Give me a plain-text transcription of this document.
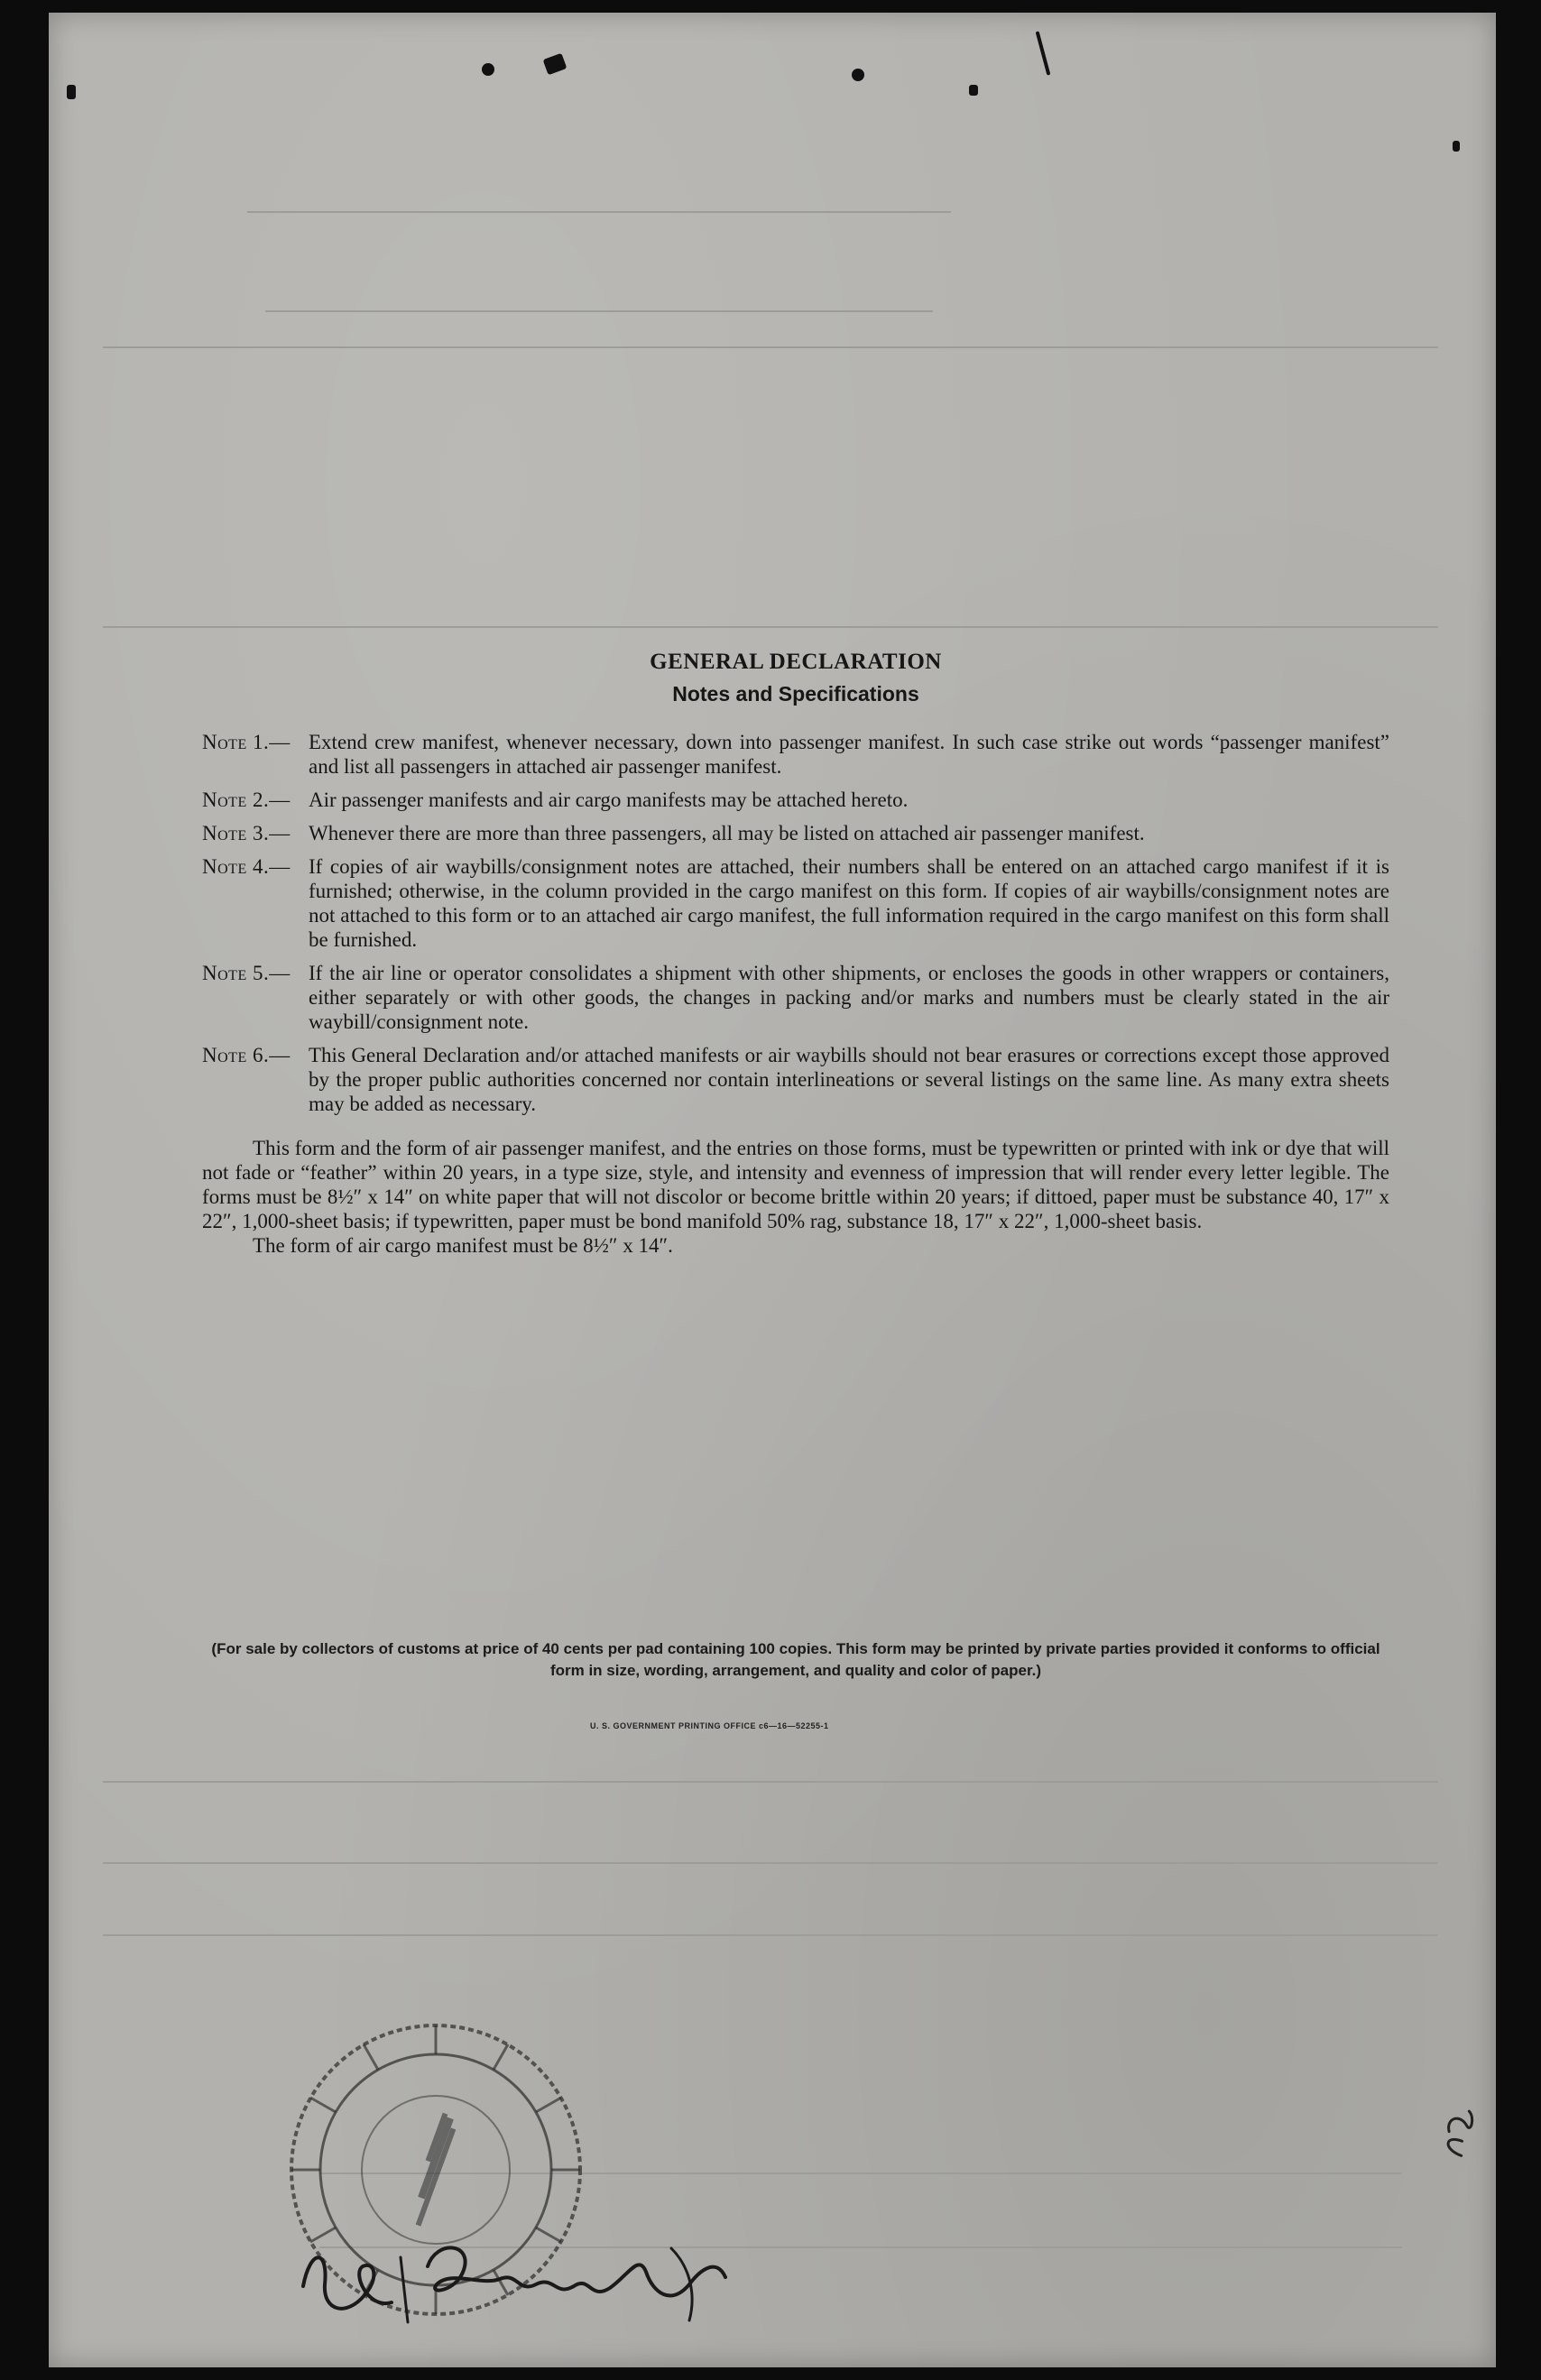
GENERAL DECLARATION
Notes and Specifications
Note 1.— Extend crew manifest, whenever necessary, down into passenger manifest. In such case strike out words “passenger manifest” and list all passengers in attached air passenger manifest.
Note 2.— Air passenger manifests and air cargo manifests may be attached hereto.
Note 3.— Whenever there are more than three passengers, all may be listed on attached air passenger manifest.
Note 4.— If copies of air waybills/consignment notes are attached, their numbers shall be entered on an attached cargo manifest if it is furnished; otherwise, in the column provided in the cargo manifest on this form. If copies of air waybills/consignment notes are not attached to this form or to an attached air cargo manifest, the full information required in the cargo manifest on this form shall be furnished.
Note 5.— If the air line or operator consolidates a shipment with other shipments, or encloses the goods in other wrappers or containers, either separately or with other goods, the changes in packing and/or marks and numbers must be clearly stated in the air waybill/consignment note.
Note 6.— This General Declaration and/or attached manifests or air waybills should not bear erasures or corrections except those approved by the proper public authorities concerned nor contain interlineations or several listings on the same line. As many extra sheets may be added as necessary.
This form and the form of air passenger manifest, and the entries on those forms, must be typewritten or printed with ink or dye that will not fade or “feather” within 20 years, in a type size, style, and intensity and evenness of impression that will render every letter legible. The forms must be 8½″ x 14″ on white paper that will not discolor or become brittle within 20 years; if dittoed, paper must be substance 40, 17″ x 22″, 1,000-sheet basis; if typewritten, paper must be bond manifold 50% rag, substance 18, 17″ x 22″, 1,000-sheet basis.
The form of air cargo manifest must be 8½″ x 14″.
(For sale by collectors of customs at price of 40 cents per pad containing 100 copies. This form may be printed by private parties provided it conforms to official form in size, wording, arrangement, and quality and color of paper.)
U. S. GOVERNMENT PRINTING OFFICE c6—16—52255-1
